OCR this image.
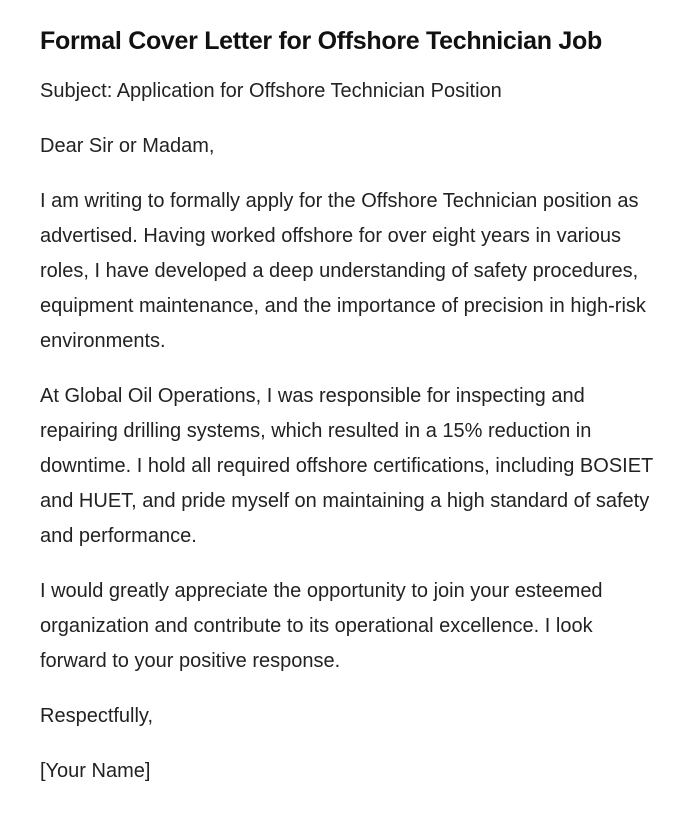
Formal Cover Letter for Offshore Technician Job

Subject: Application for Offshore Technician Position

Dear Sir or Madam,

I am writing to formally apply for the Offshore Technician position as advertised. Having worked offshore for over eight years in various roles, I have developed a deep understanding of safety procedures, equipment maintenance, and the importance of precision in high-risk environments.

At Global Oil Operations, I was responsible for inspecting and repairing drilling systems, which resulted in a 15% reduction in downtime. I hold all required offshore certifications, including BOSIET and HUET, and pride myself on maintaining a high standard of safety and performance.

I would greatly appreciate the opportunity to join your esteemed organization and contribute to its operational excellence. I look forward to your positive response.

Respectfully,

[Your Name]
